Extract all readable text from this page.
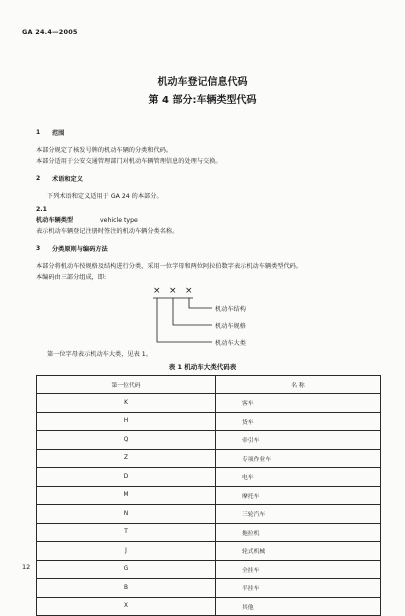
GA 24.4—2005
机动车登记信息代码
第 4 部分:车辆类型代码
1 范围
本部分规定了核发号牌的机动车辆的分类和代码。
本部分适用于公安交通管理部门对机动车辆管理信息的处理与交换。
2 术语和定义
下列术语和定义适用于 GA 24 的本部分。
2.1
机动车辆类型	vehicle type
表示机动车辆登记注册时签注的机动车辆分类名称。
3 分类原则与编码方法
本部分将机动车按规格及结构进行分类，采用一位字母和两位阿拉伯数字表示机动车辆类型代码。
本编码由三部分组成，即:
× × ×
机动车结构
机动车规格
机动车大类
第一位字母表示机动车大类，见表 1。
表 1 机动车大类代码表
第一位代码	名 称
K	客车
H	货车
Q	牵引车
Z	专项作业车
D	电车
M	摩托车
N	三轮汽车
T	拖拉机
J	轮式机械
G	全挂车
B	半挂车
X	其他
12
